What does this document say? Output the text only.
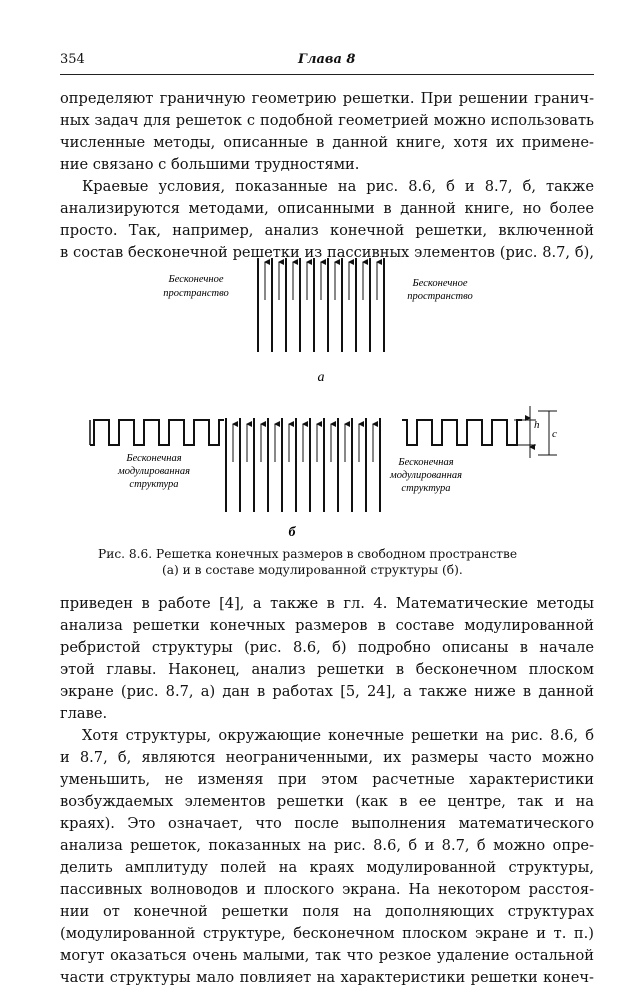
354	Глава 8
определяют граничную геометрию решетки. При решении гранич-
ных задач для решеток с подобной геометрией можно использовать
численные методы, описанные в данной книге, хотя их примене-
ние связано с большими трудностями.
Краевые условия, показанные на рис. 8.6, б и 8.7, б, также
анализируются методами, описанными в данной книге, но более
просто. Так, например, анализ конечной решетки, включенной
в состав бесконечной решетки из пассивных элементов (рис. 8.7, б),
Бесконечное
пространство
Бесконечное
пространство
а
h
c
Бесконечная
модулированная
структура
Бесконечная
модулированная
структура
б
Рис. 8.6. Решетка конечных размеров в свободном пространстве
(а) и в составе модулированной структуры (б).
приведен в работе [4], а также в гл. 4. Математические методы
анализа решетки конечных размеров в составе модулированной
ребристой структуры (рис. 8.6, б) подробно описаны в начале
этой главы. Наконец, анализ решетки в бесконечном плоском
экране (рис. 8.7, а) дан в работах [5, 24], а также ниже в данной
главе.
Хотя структуры, окружающие конечные решетки на рис. 8.6, б
и 8.7, б, являются неограниченными, их размеры часто можно
уменьшить, не изменяя при этом расчетные характеристики
возбуждаемых элементов решетки (как в ее центре, так и на
краях). Это означает, что после выполнения математического
анализа решеток, показанных на рис. 8.6, б и 8.7, б можно опре-
делить амплитуду полей на краях модулированной структуры,
пассивных волноводов и плоского экрана. На некотором расстоя-
нии от конечной решетки поля на дополняющих структурах
(модулированной структуре, бесконечном плоском экране и т. п.)
могут оказаться очень малыми, так что резкое удаление остальной
части структуры мало повлияет на характеристики решетки конеч-
